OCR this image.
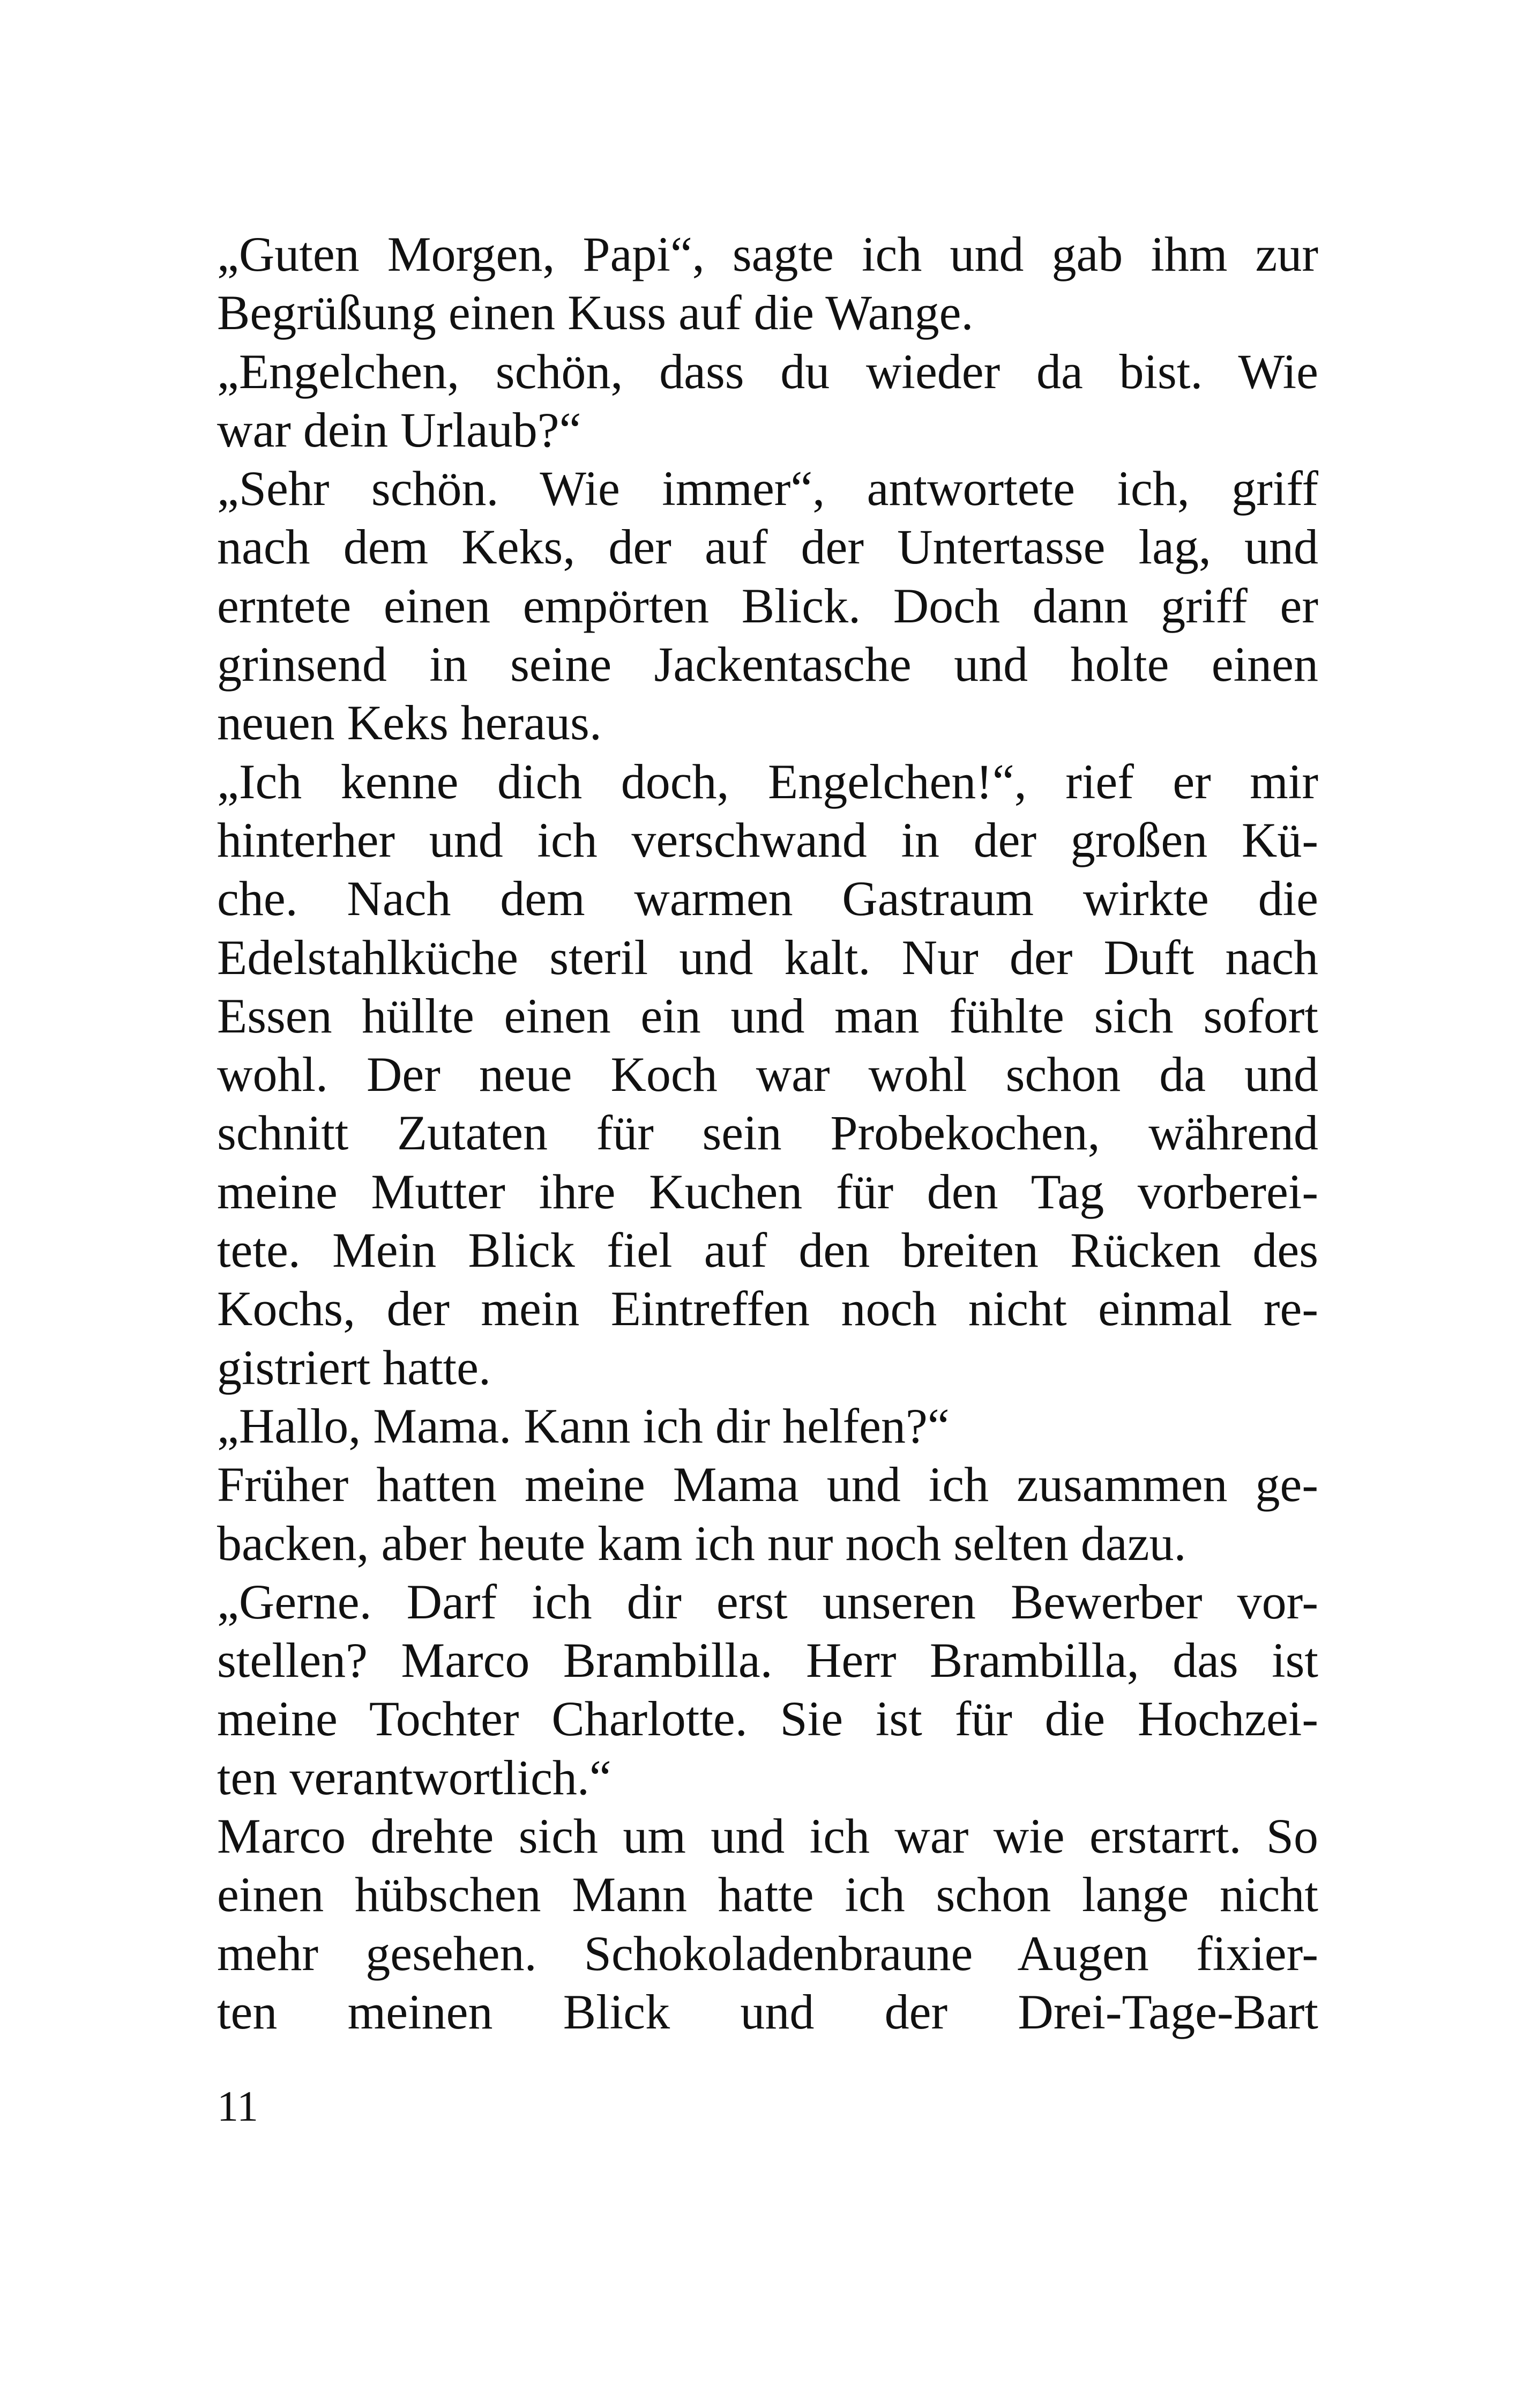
„Guten Morgen, Papi“, sagte ich und gab ihm zur
Begrüßung einen Kuss auf die Wange.
„Engelchen, schön, dass du wieder da bist. Wie
war dein Urlaub?“
„Sehr schön. Wie immer“, antwortete ich, griff
nach dem Keks, der auf der Untertasse lag, und
erntete einen empörten Blick. Doch dann griff er
grinsend in seine Jackentasche und holte einen
neuen Keks heraus.
„Ich kenne dich doch, Engelchen!“, rief er mir
hinterher und ich verschwand in der großen Kü-
che. Nach dem warmen Gastraum wirkte die
Edelstahlküche steril und kalt. Nur der Duft nach
Essen hüllte einen ein und man fühlte sich sofort
wohl. Der neue Koch war wohl schon da und
schnitt Zutaten für sein Probekochen, während
meine Mutter ihre Kuchen für den Tag vorberei-
tete. Mein Blick fiel auf den breiten Rücken des
Kochs, der mein Eintreffen noch nicht einmal re-
gistriert hatte.
„Hallo, Mama. Kann ich dir helfen?“
Früher hatten meine Mama und ich zusammen ge-
backen, aber heute kam ich nur noch selten dazu.
„Gerne. Darf ich dir erst unseren Bewerber vor-
stellen? Marco Brambilla. Herr Brambilla, das ist
meine Tochter Charlotte. Sie ist für die Hochzei-
ten verantwortlich.“
Marco drehte sich um und ich war wie erstarrt. So
einen hübschen Mann hatte ich schon lange nicht
mehr gesehen. Schokoladenbraune Augen fixier-
ten meinen Blick und der Drei-Tage-Bart
11
